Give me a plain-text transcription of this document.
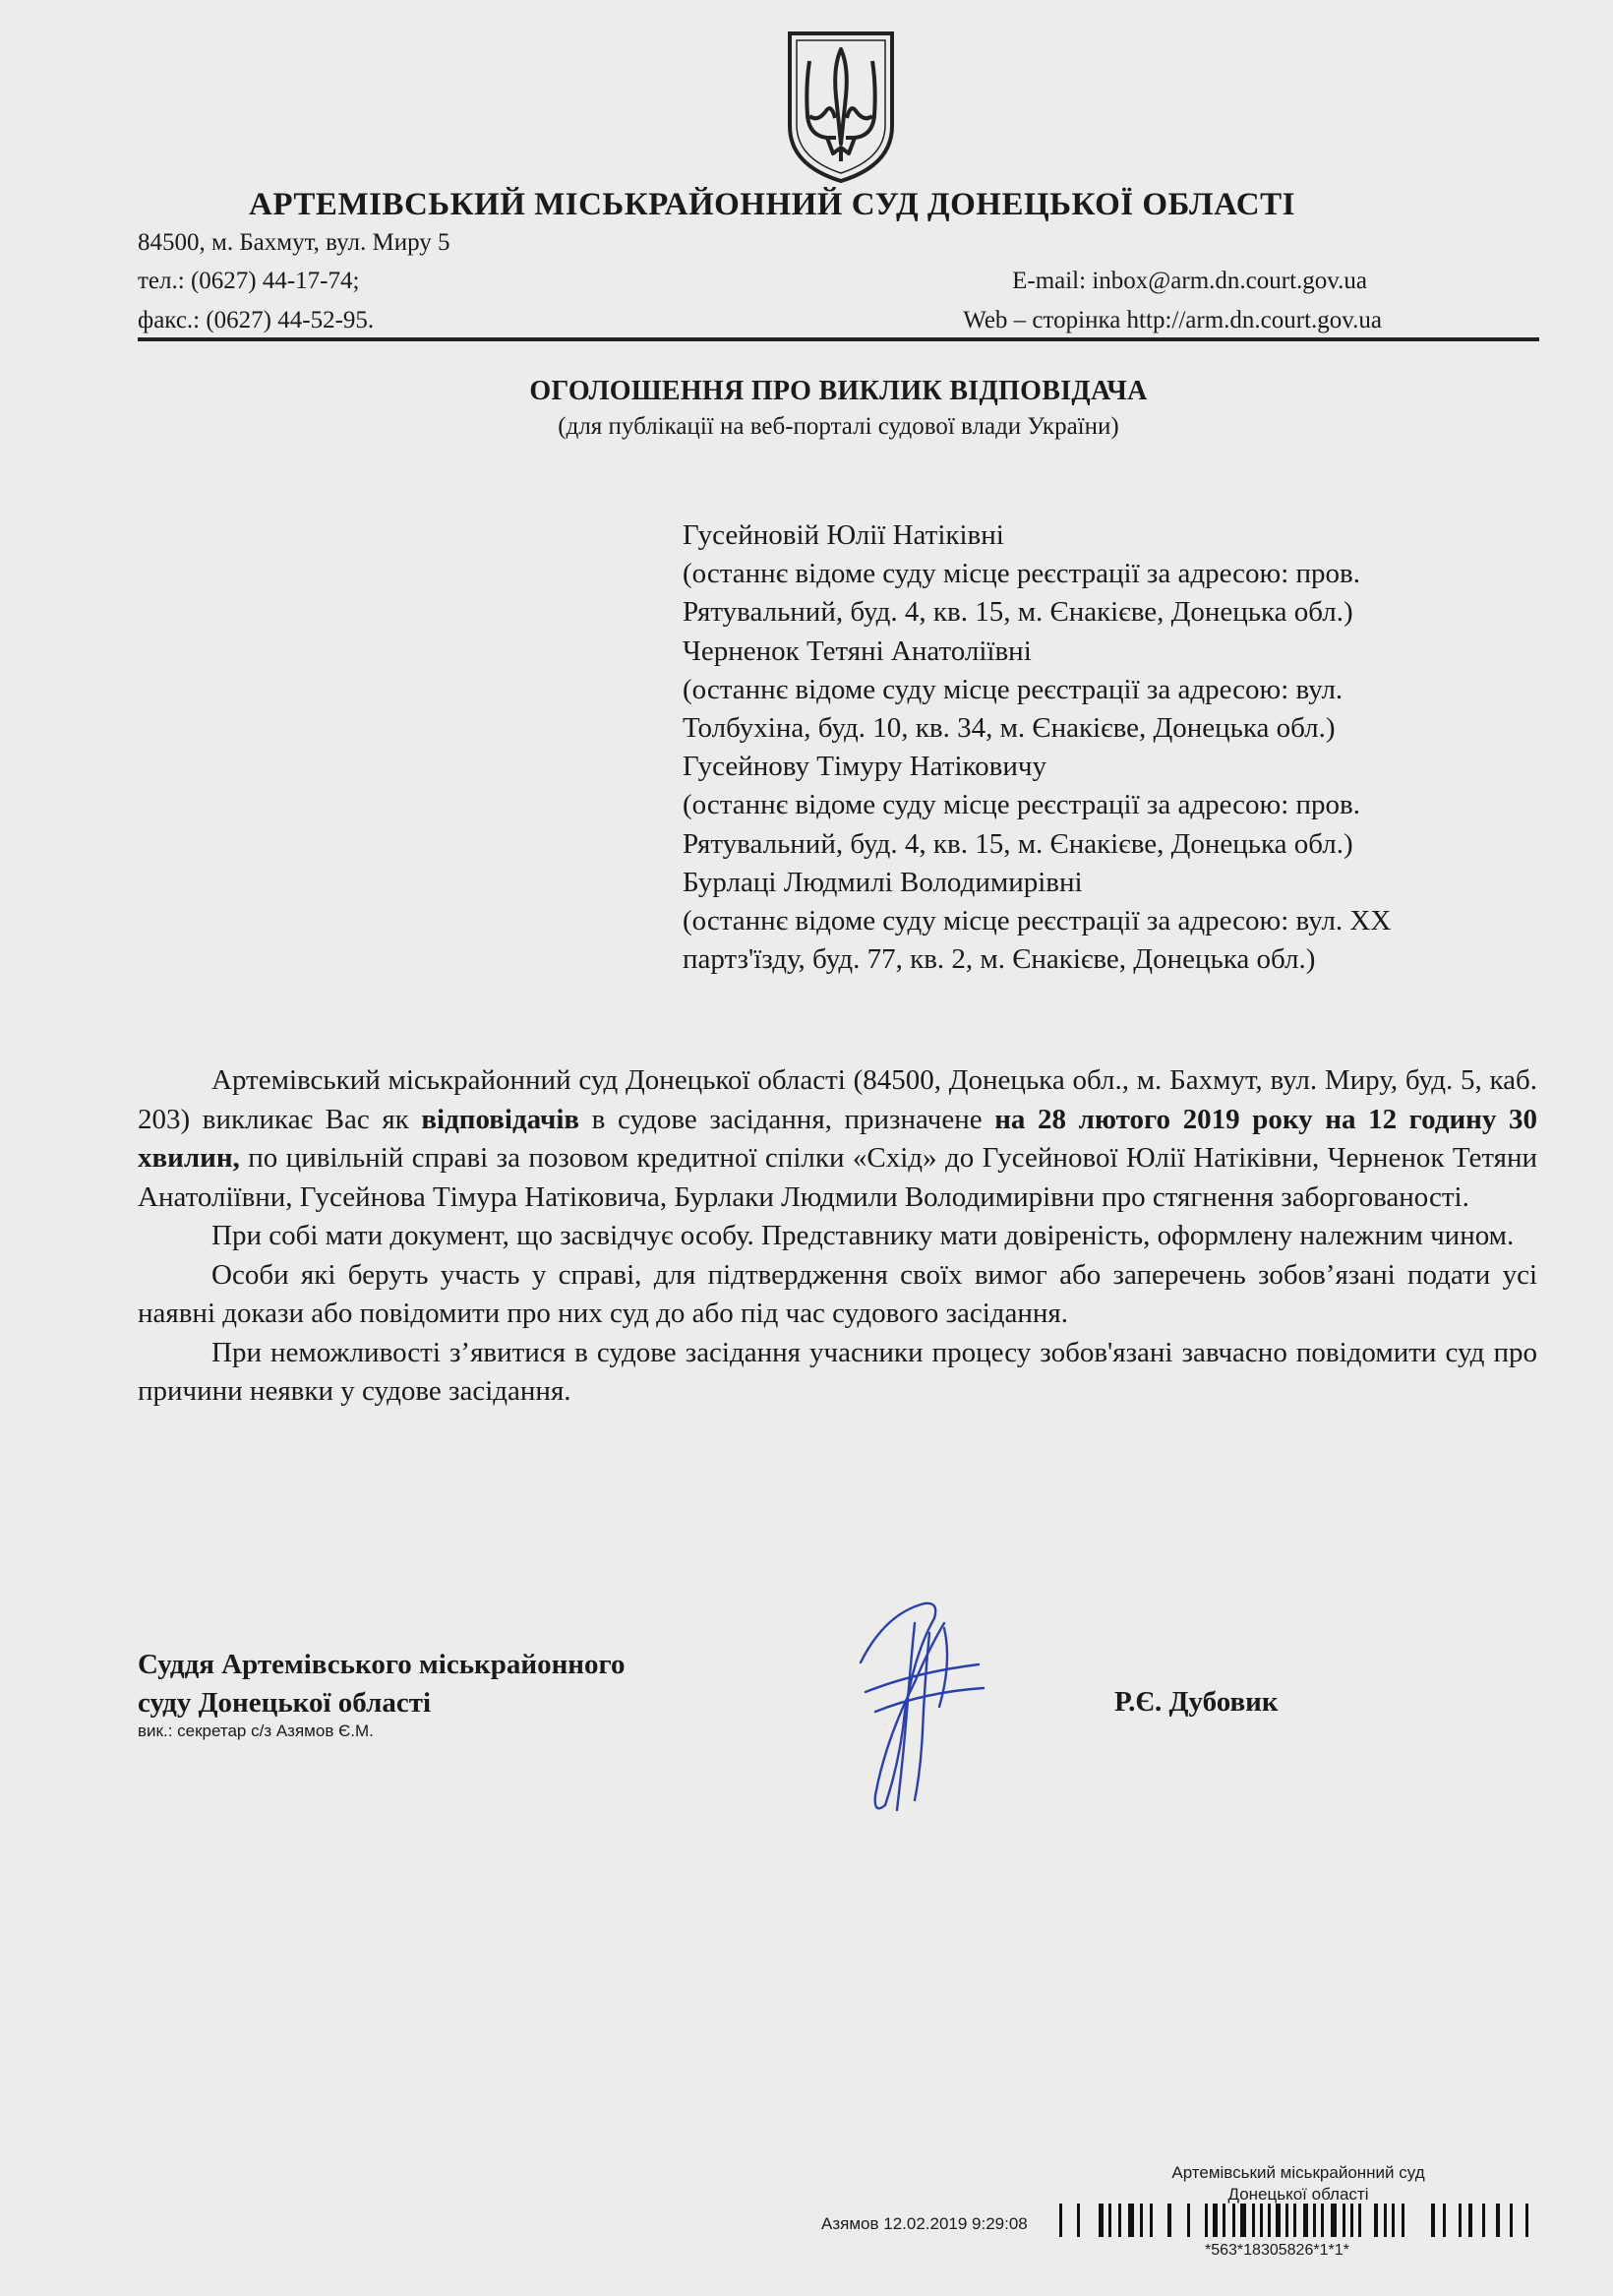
АРТЕМІВСЬКИЙ МІСЬКРАЙОННИЙ СУД ДОНЕЦЬКОЇ ОБЛАСТІ
84500, м. Бахмут, вул. Миру 5
тел.: (0627) 44-17-74;	E-mail: inbox@arm.dn.court.gov.ua
факс.: (0627) 44-52-95.	Web – сторінка http://arm.dn.court.gov.ua
ОГОЛОШЕННЯ ПРО ВИКЛИК ВІДПОВІДАЧА
(для публікації на веб-порталі судової влади України)

Гусейновій Юлії Натіківні

(останнє відоме суду місце реєстрації за адресою: пров.

Рятувальний, буд. 4, кв. 15, м. Єнакієве, Донецька обл.)

Черненок Тетяні Анатоліївні

(останнє відоме суду місце реєстрації за адресою: вул.

Толбухіна, буд. 10, кв. 34, м. Єнакієве, Донецька обл.)

Гусейнову Тімуру Натіковичу

(останнє відоме суду місце реєстрації за адресою: пров.

Рятувальний, буд. 4, кв. 15, м. Єнакієве, Донецька обл.)

Бурлаці Людмилі Володимирівні

(останнє відоме суду місце реєстрації за адресою: вул. XX

партз'їзду, буд. 77, кв. 2, м. Єнакієве, Донецька обл.)

Артемівський міськрайонний суд Донецької області (84500, Донецька обл., м. Бахмут, вул. Миру, буд. 5, каб. 203) викликає Вас як відповідачів в судове засідання, призначене на 28 лютого 2019 року на 12 годину 30 хвилин, по цивільній справі за позовом кредитної спілки «Схід» до Гусейнової Юлії Натіківни, Черненок Тетяни Анатоліївни, Гусейнова Тімура Натіковича, Бурлаки Людмили Володимирівни про стягнення заборгованості.

При собі мати документ, що засвідчує особу. Представнику мати довіреність, оформлену належним чином.

Особи які беруть участь у справі, для підтвердження своїх вимог або заперечень зобов’язані подати усі наявні докази або повідомити про них суд до або під час судового засідання.

При неможливості з’явитися в судове засідання учасники процесу зобов'язані завчасно повідомити суд про причини неявки у судове засідання.

Суддя Артемівського міськрайонного
суду Донецької області
вик.: секретар с/з Азямов Є.М.
Р.Є. Дубовик
Артемівський міськрайонний суд
Донецької області
Азямов 12.02.2019 9:29:08
*563*18305826*1*1*
